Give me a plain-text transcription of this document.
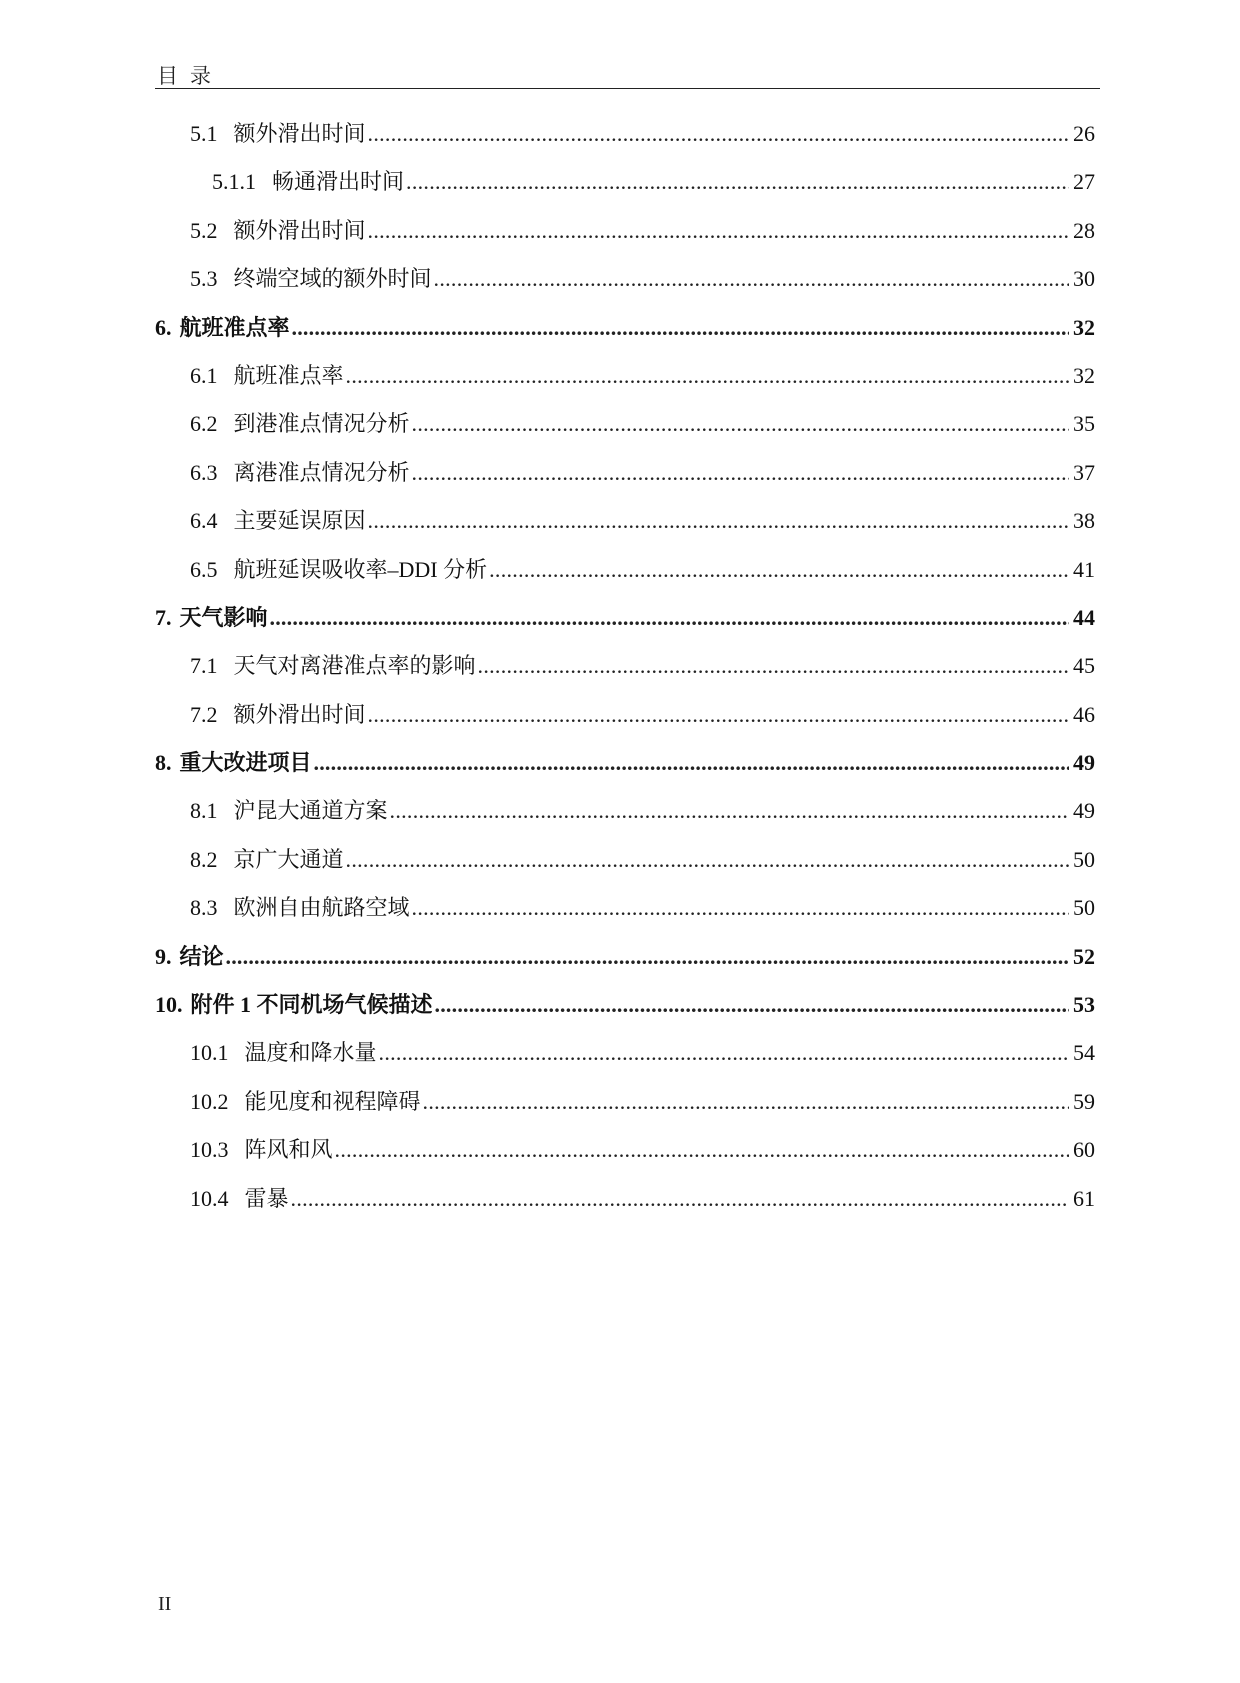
目录
5.1 额外滑出时间 .....	26
5.1.1 畅通滑出时间 .....	27
5.2 额外滑出时间 .....	28
5.3 终端空域的额外时间 .....	30
6. 航班准点率 .....	32
6.1 航班准点率 .....	32
6.2 到港准点情况分析 .....	35
6.3 离港准点情况分析 .....	37
6.4 主要延误原因 .....	38
6.5 航班延误吸收率–DDI 分析 .....	41
7. 天气影响 .....	44
7.1 天气对离港准点率的影响 .....	45
7.2 额外滑出时间 .....	46
8. 重大改进项目 .....	49
8.1 沪昆大通道方案 .....	49
8.2 京广大通道 .....	50
8.3 欧洲自由航路空域 .....	50
9. 结论 .....	52
10. 附件 1 不同机场气候描述 .....	53
10.1 温度和降水量 .....	54
10.2 能见度和视程障碍 .....	59
10.3 阵风和风 .....	60
10.4 雷暴 .....	61
II
